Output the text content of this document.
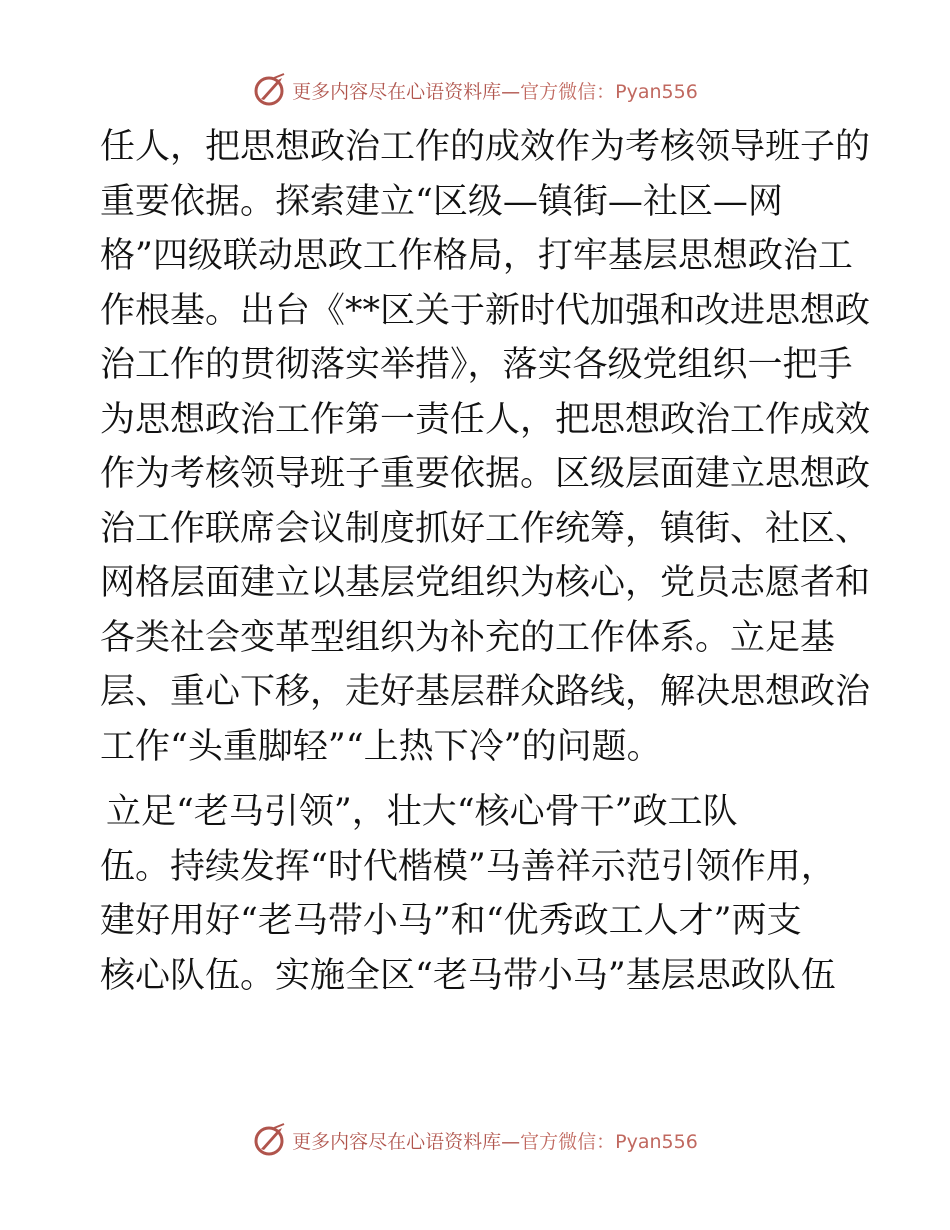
更多内容尽在心语资料库—官方微信：Pyan556
任人，把思想政治工作的成效作为考核领导班子的
重要依据。探索建立“区级—镇街—社区—网
格”四级联动思政工作格局，打牢基层思想政治工
作根基。出台《**区关于新时代加强和改进思想政
治工作的贯彻落实举措》，落实各级党组织一把手
为思想政治工作第一责任人，把思想政治工作成效
作为考核领导班子重要依据。区级层面建立思想政
治工作联席会议制度抓好工作统筹，镇街、社区、
网格层面建立以基层党组织为核心，党员志愿者和
各类社会变革型组织为补充的工作体系。立足基
层、重心下移，走好基层群众路线，解决思想政治
工作“头重脚轻”“上热下冷”的问题。
立足“老马引领”，壮大“核心骨干”政工队
伍。持续发挥“时代楷模”马善祥示范引领作用，
建好用好“老马带小马”和“优秀政工人才”两支
核心队伍。实施全区“老马带小马”基层思政队伍
更多内容尽在心语资料库—官方微信：Pyan556
